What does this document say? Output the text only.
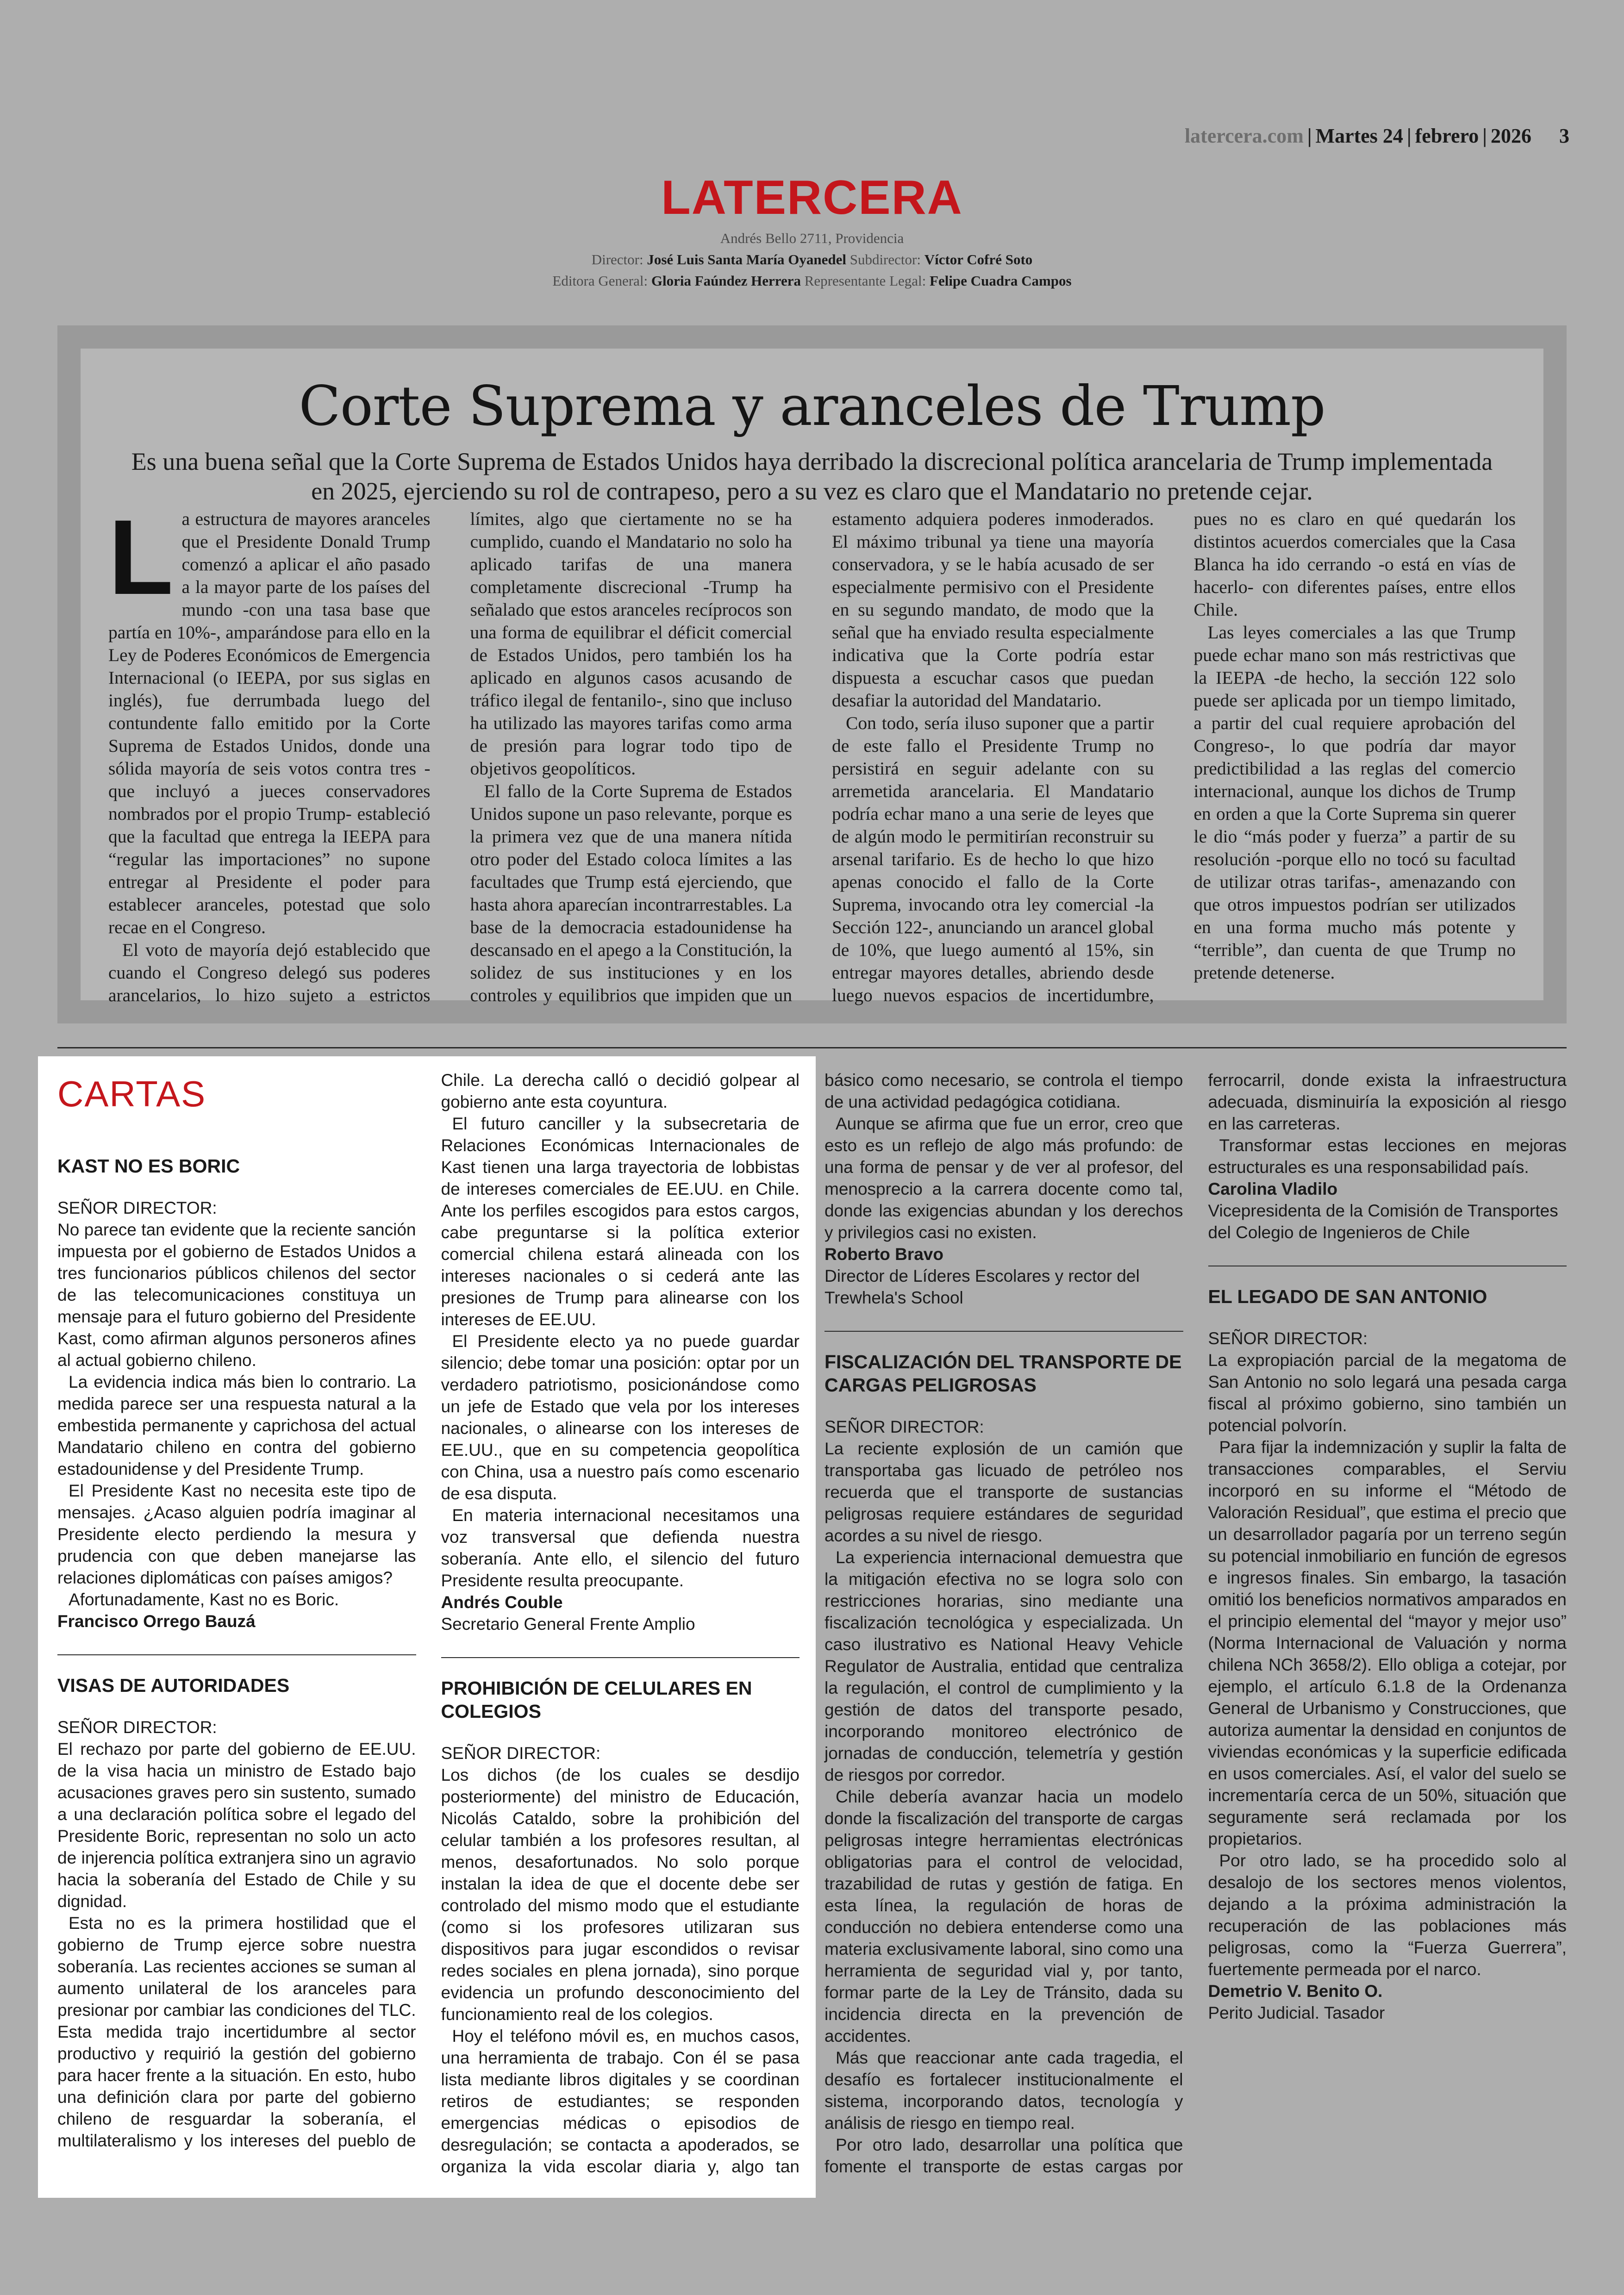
latercera.com | Martes 24 | febrero | 2026 3
LATERCERA
Andrés Bello 2711, Providencia
Director: José Luis Santa María Oyanedel Subdirector: Víctor Cofré Soto
Editora General: Gloria Faúndez Herrera Representante Legal: Felipe Cuadra Campos
Corte Suprema y aranceles de Trump
Es una buena señal que la Corte Suprema de Estados Unidos haya derribado la discrecional política arancelaria de Trump implementada en 2025, ejerciendo su rol de contrapeso, pero a su vez es claro que el Mandatario no pretende cejar.

La estructura de mayores aranceles que el Presidente Donald Trump comenzó a aplicar el año pasado a la mayor parte de los países del mundo -con una tasa base que partía en 10%-, amparándose para ello en la Ley de Poderes Económicos de Emergencia Internacional (o IEEPA, por sus siglas en inglés), fue derrumbada luego del contundente fallo emitido por la Corte Suprema de Estados Unidos, donde una sólida mayoría de seis votos contra tres -que incluyó a jueces conservadores nombrados por el propio Trump- estableció que la facultad que entrega la IEEPA para “regular las importaciones” no supone entregar al Presidente el poder para establecer aranceles, potestad que solo recae en el Congreso.

El voto de mayoría dejó establecido que cuando el Congreso delegó sus poderes arancelarios, lo hizo sujeto a estrictos límites, algo que ciertamente no se ha cumplido, cuando el Mandatario no solo ha aplicado tarifas de una manera completamente discrecional -Trump ha señalado que estos aranceles recíprocos son una forma de equilibrar el déficit comercial de Estados Unidos, pero también los ha aplicado en algunos casos acusando de tráfico ilegal de fentanilo-, sino que incluso ha utilizado las mayores tarifas como arma de presión para lograr todo tipo de objetivos geopolíticos.

El fallo de la Corte Suprema de Estados Unidos supone un paso relevante, porque es la primera vez que de una manera nítida otro poder del Estado coloca límites a las facultades que Trump está ejerciendo, que hasta ahora aparecían incontrarrestables. La base de la democracia estadounidense ha descansado en el apego a la Constitución, la solidez de sus instituciones y en los controles y equilibrios que impiden que un estamento adquiera poderes inmoderados. El máximo tribunal ya tiene una mayoría conservadora, y se le había acusado de ser especialmente permisivo con el Presidente en su segundo mandato, de modo que la señal que ha enviado resulta especialmente indicativa que la Corte podría estar dispuesta a escuchar casos que puedan desafiar la autoridad del Mandatario.

Con todo, sería iluso suponer que a partir de este fallo el Presidente Trump no persistirá en seguir adelante con su arremetida arancelaria. El Mandatario podría echar mano a una serie de leyes que de algún modo le permitirían reconstruir su arsenal tarifario. Es de hecho lo que hizo apenas conocido el fallo de la Corte Suprema, invocando otra ley comercial -la Sección 122-, anunciando un arancel global de 10%, que luego aumentó al 15%, sin entregar mayores detalles, abriendo desde luego nuevos espacios de incertidumbre, pues no es claro en qué quedarán los distintos acuerdos comerciales que la Casa Blanca ha ido cerrando -o está en vías de hacerlo- con diferentes países, entre ellos Chile.

Las leyes comerciales a las que Trump puede echar mano son más restrictivas que la IEEPA -de hecho, la sección 122 solo puede ser aplicada por un tiempo limitado, a partir del cual requiere aprobación del Congreso-, lo que podría dar mayor predictibilidad a las reglas del comercio internacional, aunque los dichos de Trump en orden a que la Corte Suprema sin querer le dio “más poder y fuerza” a partir de su resolución -porque ello no tocó su facultad de utilizar otras tarifas-, amenazando con que otros impuestos podrían ser utilizados en una forma mucho más potente y “terrible”, dan cuenta de que Trump no pretende detenerse.

CARTAS
KAST NO ES BORIC
SEÑOR DIRECTOR:

No parece tan evidente que la reciente sanción impuesta por el gobierno de Estados Unidos a tres funcionarios públicos chilenos del sector de las telecomunicaciones constituya un mensaje para el futuro gobierno del Presidente Kast, como afirman algunos personeros afines al actual gobierno chileno.

La evidencia indica más bien lo contrario. La medida parece ser una respuesta natural a la embestida permanente y caprichosa del actual Mandatario chileno en contra del gobierno estadounidense y del Presidente Trump.

El Presidente Kast no necesita este tipo de mensajes. ¿Acaso alguien podría imaginar al Presidente electo perdiendo la mesura y prudencia con que deben manejarse las relaciones diplomáticas con países amigos?

Afortunadamente, Kast no es Boric.

Francisco Orrego Bauzá

VISAS DE AUTORIDADES
SEÑOR DIRECTOR:

El rechazo por parte del gobierno de EE.UU. de la visa hacia un ministro de Estado bajo acusaciones graves pero sin sustento, sumado a una declaración política sobre el legado del Presidente Boric, representan no solo un acto de injerencia política extranjera sino un agravio hacia la soberanía del Estado de Chile y su dignidad.

Esta no es la primera hostilidad que el gobierno de Trump ejerce sobre nuestra soberanía. Las recientes acciones se suman al aumento unilateral de los aranceles para presionar por cambiar las condiciones del TLC. Esta medida trajo incertidumbre al sector productivo y requirió la gestión del gobierno para hacer frente a la situación. En esto, hubo una definición clara por parte del gobierno chileno de resguardar la soberanía, el multilateralismo y los intereses del pueblo de Chile. La derecha calló o decidió golpear al gobierno ante esta coyuntura.

El futuro canciller y la subsecretaria de Relaciones Económicas Internacionales de Kast tienen una larga trayectoria de lobbistas de intereses comerciales de EE.UU. en Chile. Ante los perfiles escogidos para estos cargos, cabe preguntarse si la política exterior comercial chilena estará alineada con los intereses nacionales o si cederá ante las presiones de Trump para alinearse con los intereses de EE.UU.

El Presidente electo ya no puede guardar silencio; debe tomar una posición: optar por un verdadero patriotismo, posicionándose como un jefe de Estado que vela por los intereses nacionales, o alinearse con los intereses de EE.UU., que en su competencia geopolítica con China, usa a nuestro país como escenario de esa disputa.

En materia internacional necesitamos una voz transversal que defienda nuestra soberanía. Ante ello, el silencio del futuro Presidente resulta preocupante.

Andrés Couble

Secretario General Frente Amplio

PROHIBICIÓN DE CELULARES EN COLEGIOS
SEÑOR DIRECTOR:

Los dichos (de los cuales se desdijo posteriormente) del ministro de Educación, Nicolás Cataldo, sobre la prohibición del celular también a los profesores resultan, al menos, desafortunados. No solo porque instalan la idea de que el docente debe ser controlado del mismo modo que el estudiante (como si los profesores utilizaran sus dispositivos para jugar escondidos o revisar redes sociales en plena jornada), sino porque evidencia un profundo desconocimiento del funcionamiento real de los colegios.

Hoy el teléfono móvil es, en muchos casos, una herramienta de trabajo. Con él se pasa lista mediante libros digitales y se coordinan retiros de estudiantes; se responden emergencias médicas o episodios de desregulación; se contacta a apoderados, se organiza la vida escolar diaria y, algo tan básico como necesario, se controla el tiempo de una actividad pedagógica cotidiana.

Aunque se afirma que fue un error, creo que esto es un reflejo de algo más profundo: de una forma de pensar y de ver al profesor, del menosprecio a la carrera docente como tal, donde las exigencias abundan y los derechos y privilegios casi no existen.

Roberto Bravo

Director de Líderes Escolares y rector del Trewhela's School

FISCALIZACIÓN DEL TRANSPORTE DE CARGAS PELIGROSAS
SEÑOR DIRECTOR:

La reciente explosión de un camión que transportaba gas licuado de petróleo nos recuerda que el transporte de sustancias peligrosas requiere estándares de seguridad acordes a su nivel de riesgo.

La experiencia internacional demuestra que la mitigación efectiva no se logra solo con restricciones horarias, sino mediante una fiscalización tecnológica y especializada. Un caso ilustrativo es National Heavy Vehicle Regulator de Australia, entidad que centraliza la regulación, el control de cumplimiento y la gestión de datos del transporte pesado, incorporando monitoreo electrónico de jornadas de conducción, telemetría y gestión de riesgos por corredor.

Chile debería avanzar hacia un modelo donde la fiscalización del transporte de cargas peligrosas integre herramientas electrónicas obligatorias para el control de velocidad, trazabilidad de rutas y gestión de fatiga. En esta línea, la regulación de horas de conducción no debiera entenderse como una materia exclusivamente laboral, sino como una herramienta de seguridad vial y, por tanto, formar parte de la Ley de Tránsito, dada su incidencia directa en la prevención de accidentes.

Más que reaccionar ante cada tragedia, el desafío es fortalecer institucionalmente el sistema, incorporando datos, tecnología y análisis de riesgo en tiempo real.

Por otro lado, desarrollar una política que fomente el transporte de estas cargas por ferrocarril, donde exista la infraestructura adecuada, disminuiría la exposición al riesgo en las carreteras.

Transformar estas lecciones en mejoras estructurales es una responsabilidad país.

Carolina Vladilo

Vicepresidenta de la Comisión de Transportes del Colegio de Ingenieros de Chile

EL LEGADO DE SAN ANTONIO
SEÑOR DIRECTOR:

La expropiación parcial de la megatoma de San Antonio no solo legará una pesada carga fiscal al próximo gobierno, sino también un potencial polvorín.

Para fijar la indemnización y suplir la falta de transacciones comparables, el Serviu incorporó en su informe el “Método de Valoración Residual”, que estima el precio que un desarrollador pagaría por un terreno según su potencial inmobiliario en función de egresos e ingresos finales. Sin embargo, la tasación omitió los beneficios normativos amparados en el principio elemental del “mayor y mejor uso” (Norma Internacional de Valuación y norma chilena NCh 3658/2). Ello obliga a cotejar, por ejemplo, el artículo 6.1.8 de la Ordenanza General de Urbanismo y Construcciones, que autoriza aumentar la densidad en conjuntos de viviendas económicas y la superficie edificada en usos comerciales. Así, el valor del suelo se incrementaría cerca de un 50%, situación que seguramente será reclamada por los propietarios.

Por otro lado, se ha procedido solo al desalojo de los sectores menos violentos, dejando a la próxima administración la recuperación de las poblaciones más peligrosas, como la “Fuerza Guerrera”, fuertemente permeada por el narco.

Demetrio V. Benito O.

Perito Judicial. Tasador
